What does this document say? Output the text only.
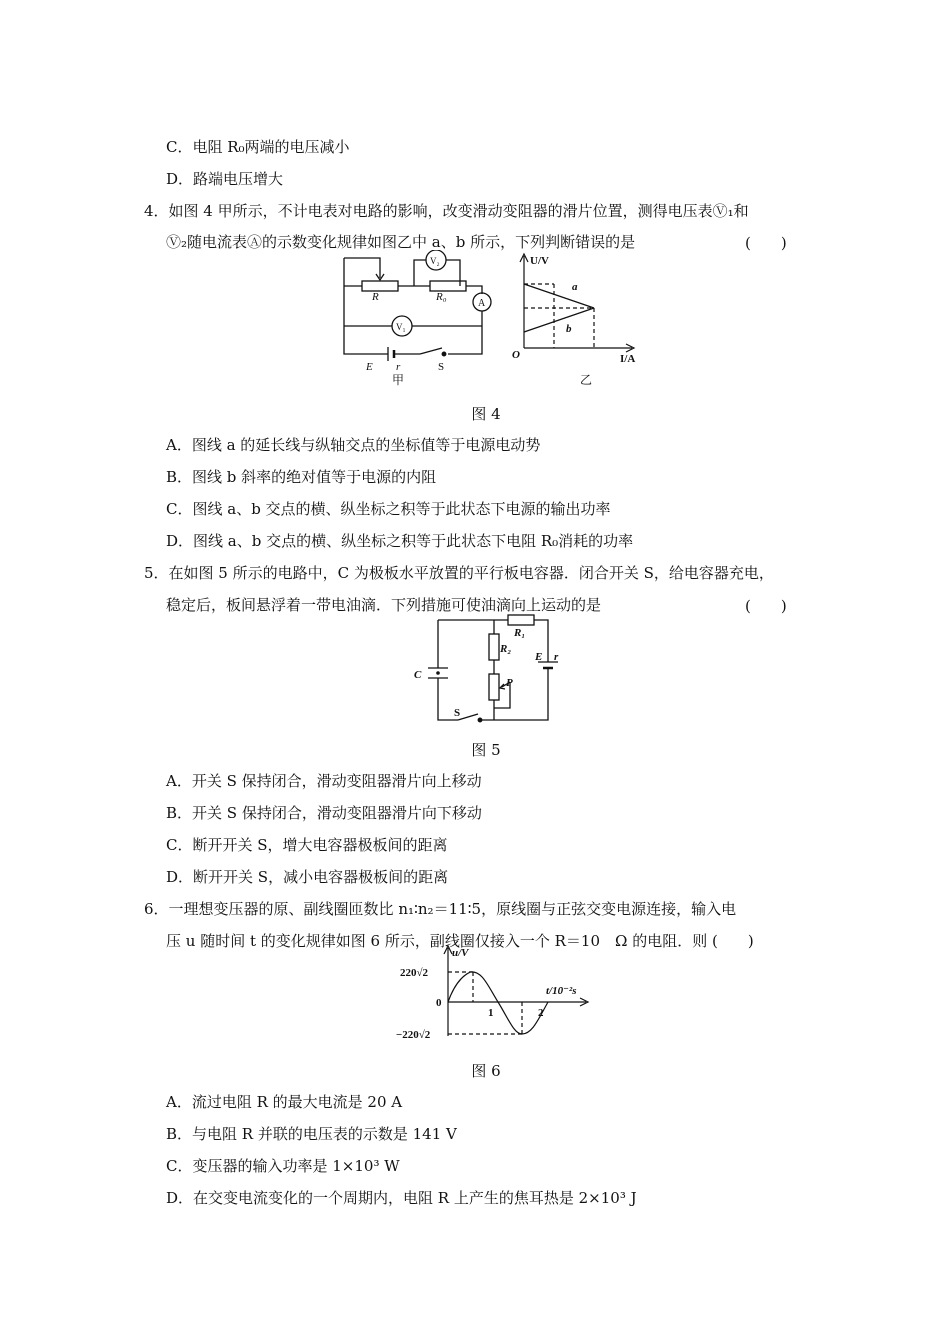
C．电阻 R₀两端的电压减小
D．路端电压增大
4．如图 4 甲所示，不计电表对电路的影响，改变滑动变阻器的滑片位置，测得电压表Ⓥ₁和
Ⓥ₂随电流表Ⓐ的示数变化规律如图乙中 a、b 所示，下列判断错误的是	(　　)
R	R₀
V₂
V₁
A
E r	S
甲
U/V
I/A
O
a
b
乙
图 4
A．图线 a 的延长线与纵轴交点的坐标值等于电源电动势
B．图线 b 斜率的绝对值等于电源的内阻
C．图线 a、b 交点的横、纵坐标之积等于此状态下电源的输出功率
D．图线 a、b 交点的横、纵坐标之积等于此状态下电阻 R₀消耗的功率
5．在如图 5 所示的电路中，C 为极板水平放置的平行板电容器．闭合开关 S，给电容器充电，
稳定后，板间悬浮着一带电油滴．下列措施可使油滴向上运动的是	(　　)
C
R₁
R₂
E r
P
S
图 5
A．开关 S 保持闭合，滑动变阻器滑片向上移动
B．开关 S 保持闭合，滑动变阻器滑片向下移动
C．断开开关 S，增大电容器极板间的距离
D．断开开关 S，减小电容器极板间的距离
6．一理想变压器的原、副线圈匝数比 n₁∶n₂＝11∶5，原线圈与正弦交变电源连接，输入电
压 u 随时间 t 的变化规律如图 6 所示，副线圈仅接入一个 R＝10　Ω 的电阻．则 (　　)
u/V
t/10⁻²s
220√2
−220√2
0
1	2
图 6
A．流过电阻 R 的最大电流是 20 A
B．与电阻 R 并联的电压表的示数是 141 V
C．变压器的输入功率是 1×10³ W
D．在交变电流变化的一个周期内，电阻 R 上产生的焦耳热是 2×10³ J
